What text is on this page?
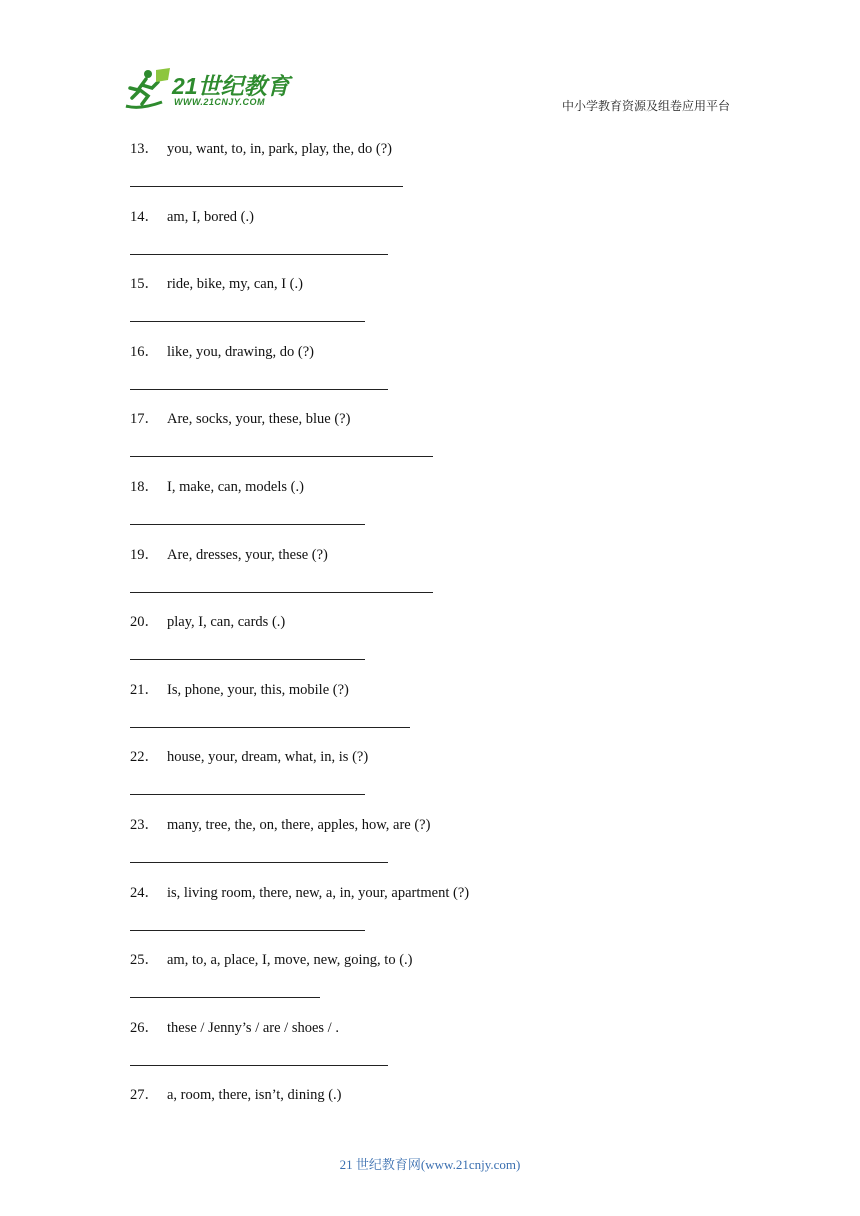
21世纪教育
WWW.21CNJY.COM	中小学教育资源及组卷应用平台
13． you, want, to, in, park, play, the, do (?)
14． am, I, bored (.)
15． ride, bike, my, can, I (.)
16． like, you, drawing, do (?)
17． Are, socks, your, these, blue (?)
18． I, make, can, models (.)
19． Are, dresses, your, these (?)
20． play, I, can, cards (.)
21． Is, phone, your, this, mobile (?)
22． house, your, dream, what, in, is (?)
23． many, tree, the, on, there, apples, how, are (?)
24． is, living room, there, new, a, in, your, apartment (?)
25． am, to, a, place, I, move, new, going, to (.)
26． these / Jenny’s / are / shoes / .
27． a, room, there, isn’t, dining (.)
21 世纪教育网(www.21cnjy.com)
